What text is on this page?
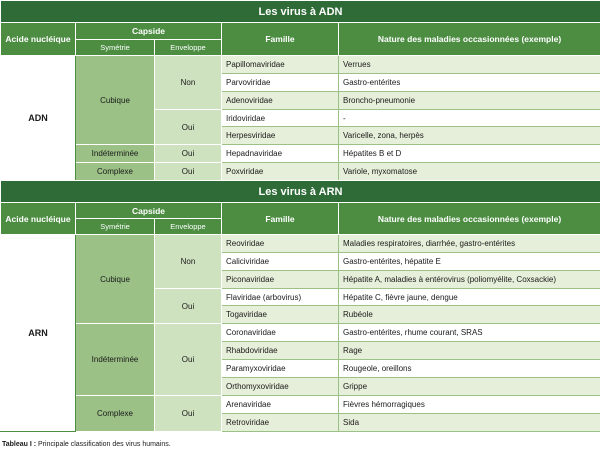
Les virus à ADN				
Acide nucléique	Capside		Famille	Nature des maladies occasionnées (exemple)
	Symétrie	Enveloppe		
ADN	Cubique	Non	Papillomaviridae	Verrues
			Parvoviridae	Gastro-entérites
			Adenoviridae	Broncho-pneumonie
		Oui	Iridoviridae	-
			Herpesviridae	Varicelle, zona, herpès
	Indéterminée	Oui	Hepadnaviridae	Hépatites B et D
	Complexe	Oui	Poxviridae	Variole, myxomatose
Les virus à ARN				
Acide nucléique	Capside		Famille	Nature des maladies occasionnées (exemple)
	Symétrie	Enveloppe		
ARN	Cubique	Non	Reoviridae	Maladies respiratoires, diarrhée, gastro-entérites
			Caliciviridae	Gastro-entérites, hépatite E
			Piconaviridae	Hépatite A, maladies à entérovirus (poliomyélite, Coxsackie)
		Oui	Flaviridae (arbovirus)	Hépatite C, fièvre jaune, dengue
			Togaviridae	Rubéole
	Indéterminée	Oui	Coronaviridae	Gastro-entérites, rhume courant, SRAS
			Rhabdoviridae	Rage
			Paramyxoviridae	Rougeole, oreillons
			Orthomyxoviridae	Grippe
	Complexe	Oui	Arenaviridae	Fièvres hémorragiques
			Retroviridae	Sida
Tableau I : Principale classification des virus humains.
